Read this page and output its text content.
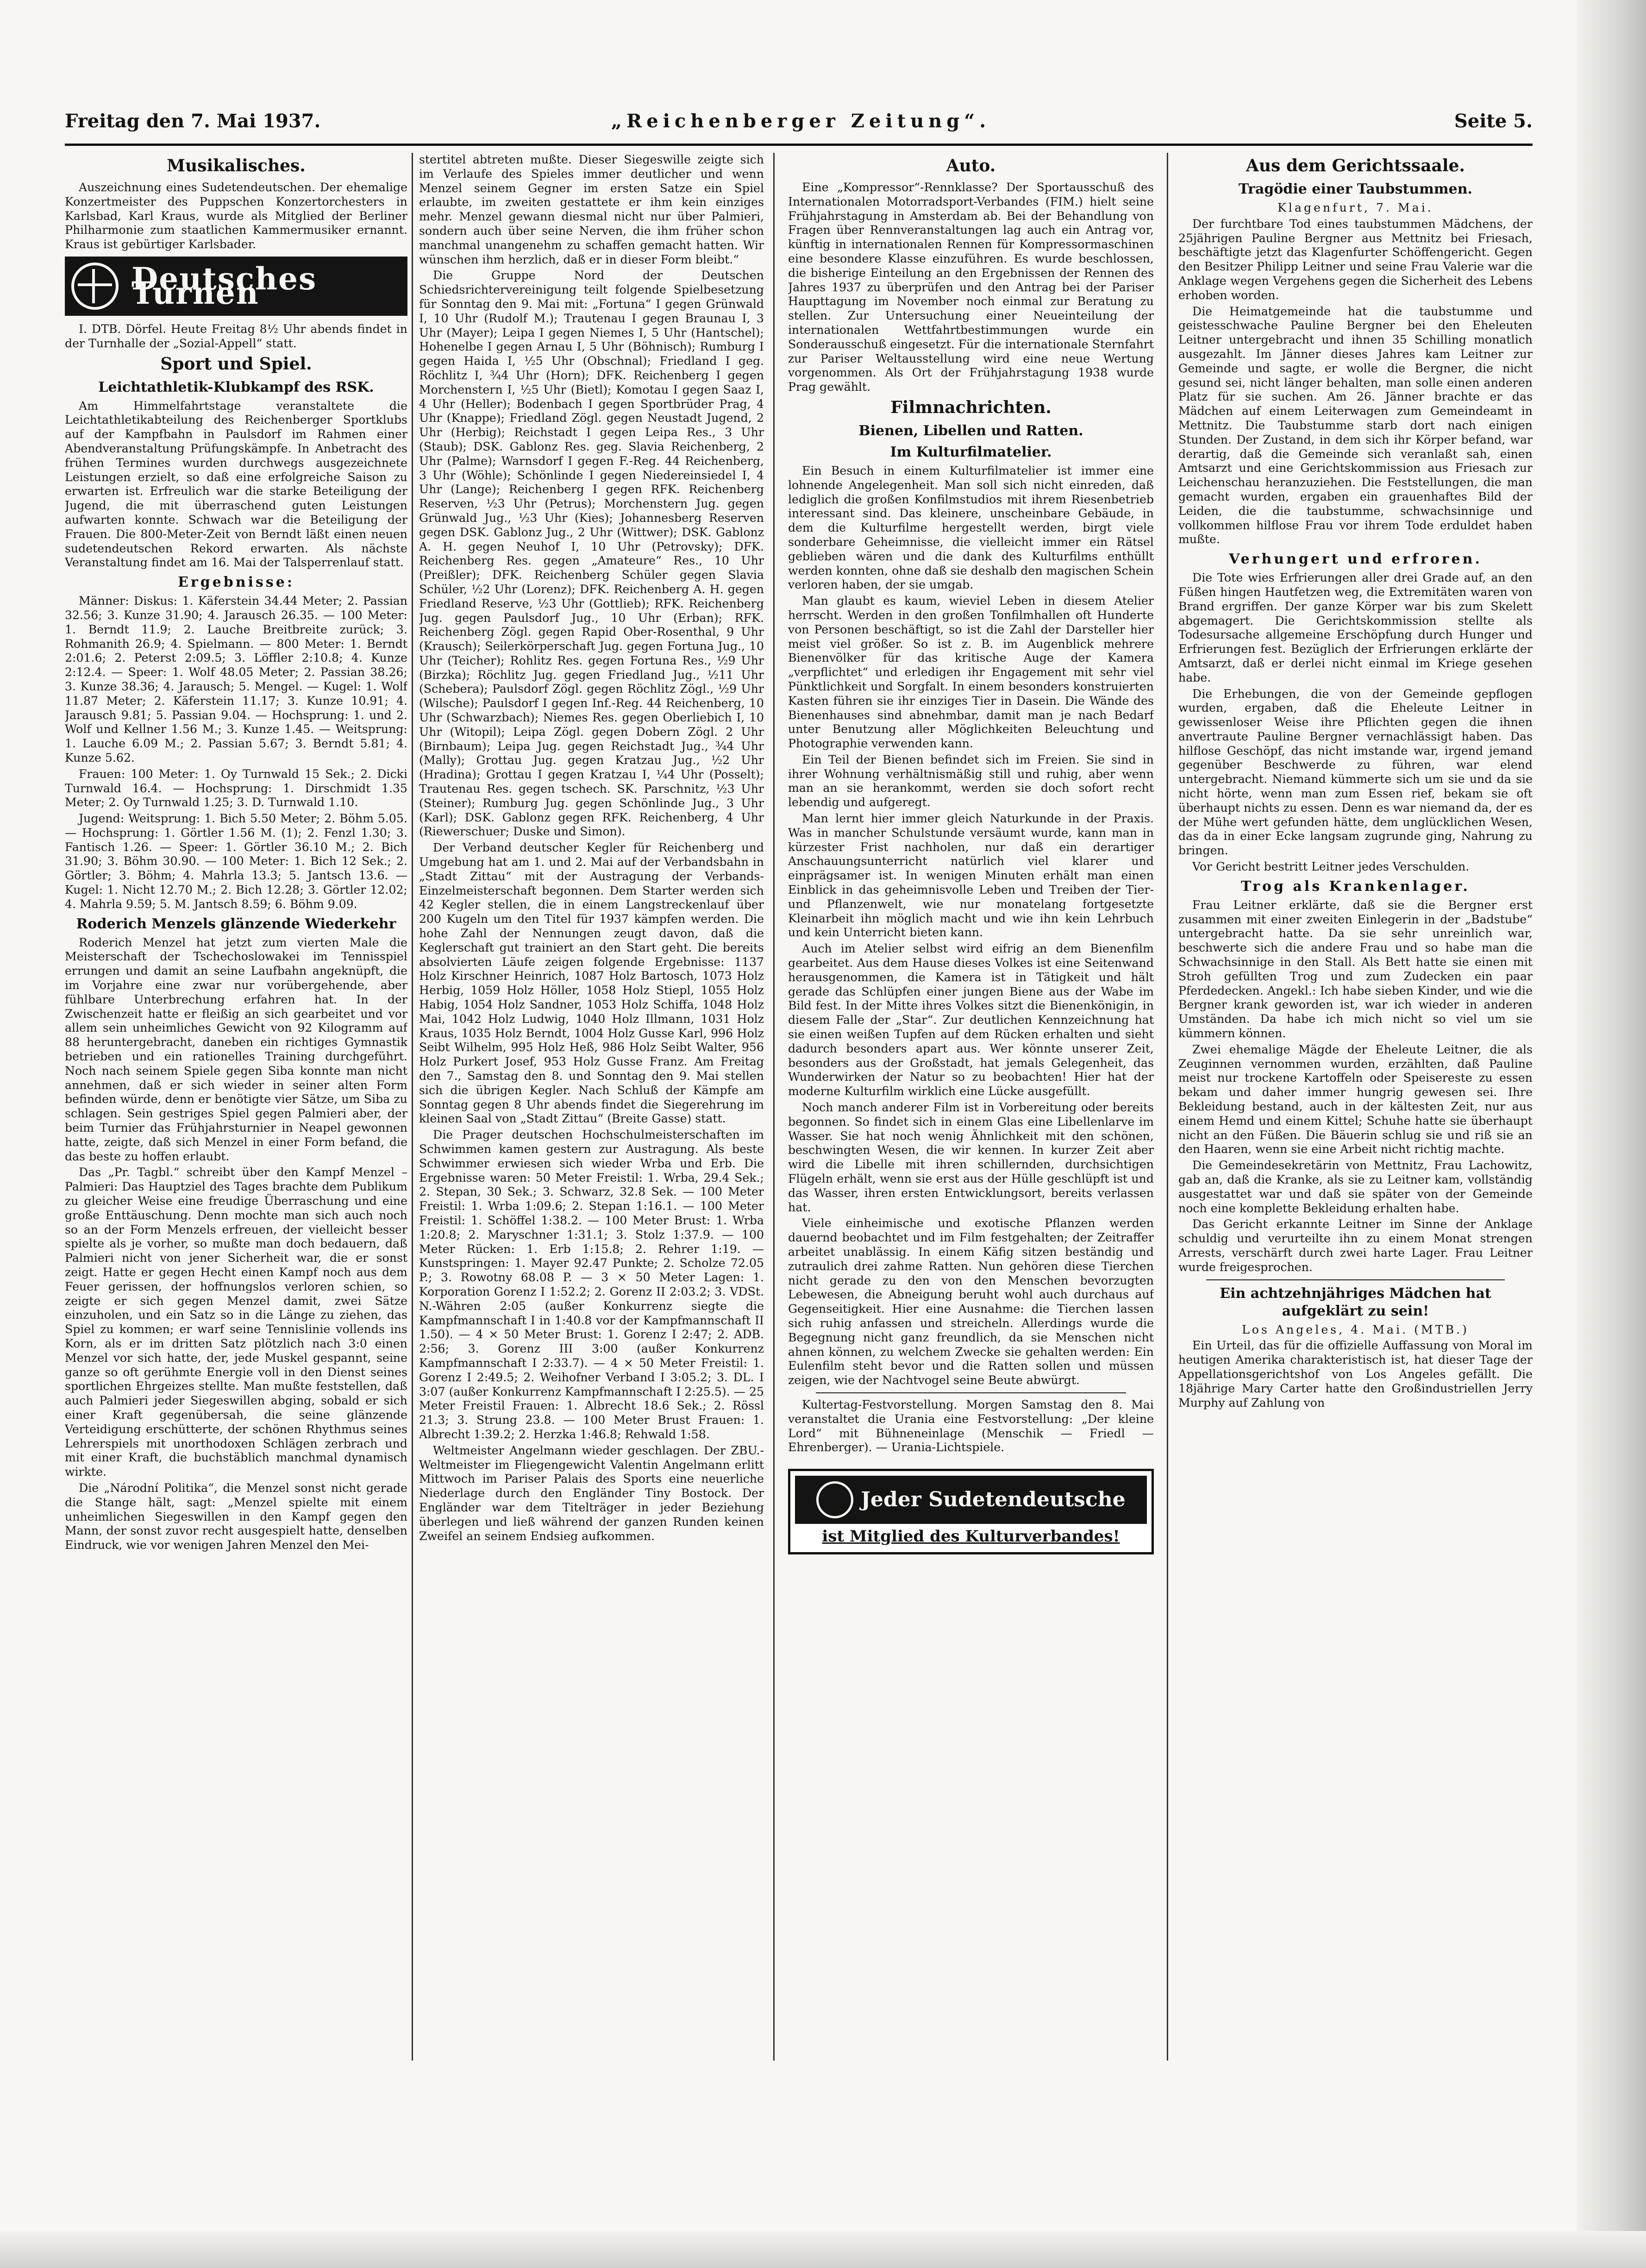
Freitag den 7. Mai 1937.	„Reichenberger Zeitung“.	Seite 5.
Musikalisches.

Auszeichnung eines Sudetendeutschen. Der ehemalige Konzertmeister des Puppschen Konzertorchesters in Karlsbad, Karl Kraus, wurde als Mitglied der Berliner Philharmonie zum staatlichen Kammermusiker ernannt. Kraus ist gebürtiger Karlsbader.

Deutsches Turnen

I. DTB. Dörfel. Heute Freitag 8½ Uhr abends findet in der Turnhalle der „Sozial-Appell“ statt.

Sport und Spiel.
Leichtathletik-Klubkampf des RSK.

Am Himmelfahrtstage veranstaltete die Leichtathletikabteilung des Reichenberger Sportklubs auf der Kampfbahn in Paulsdorf im Rahmen einer Abendveranstaltung Prüfungskämpfe. In Anbetracht des frühen Termines wurden durchwegs ausgezeichnete Leistungen erzielt, so daß eine erfolgreiche Saison zu erwarten ist. Erfreulich war die starke Beteiligung der Jugend, die mit überraschend guten Leistungen aufwarten konnte. Schwach war die Beteiligung der Frauen. Die 800-Meter-Zeit von Berndt läßt einen neuen sudetendeutschen Rekord erwarten. Als nächste Veranstaltung findet am 16. Mai der Talsperrenlauf statt.

Ergebnisse:

Männer: Diskus: 1. Käferstein 34.44 Meter; 2. Passian 32.56; 3. Kunze 31.90; 4. Jarausch 26.35. — 100 Meter: 1. Berndt 11.9; 2. Lauche Breitbreite zurück; 3. Rohmanith 26.9; 4. Spielmann. — 800 Meter: 1. Berndt 2:01.6; 2. Peterst 2:09.5; 3. Löffler 2:10.8; 4. Kunze 2:12.4. — Speer: 1. Wolf 48.05 Meter; 2. Passian 38.26; 3. Kunze 38.36; 4. Jarausch; 5. Mengel. — Kugel: 1. Wolf 11.87 Meter; 2. Käferstein 11.17; 3. Kunze 10.91; 4. Jarausch 9.81; 5. Passian 9.04. — Hochsprung: 1. und 2. Wolf und Kellner 1.56 M.; 3. Kunze 1.45. — Weitsprung: 1. Lauche 6.09 M.; 2. Passian 5.67; 3. Berndt 5.81; 4. Kunze 5.62.

Frauen: 100 Meter: 1. Oy Turnwald 15 Sek.; 2. Dicki Turnwald 16.4. — Hochsprung: 1. Dirschmidt 1.35 Meter; 2. Oy Turnwald 1.25; 3. D. Turnwald 1.10.

Jugend: Weitsprung: 1. Bich 5.50 Meter; 2. Böhm 5.05. — Hochsprung: 1. Görtler 1.56 M. (1); 2. Fenzl 1.30; 3. Fantisch 1.26. — Speer: 1. Görtler 36.10 M.; 2. Bich 31.90; 3. Böhm 30.90. — 100 Meter: 1. Bich 12 Sek.; 2. Görtler; 3. Böhm; 4. Mahrla 13.3; 5. Jantsch 13.6. — Kugel: 1. Nicht 12.70 M.; 2. Bich 12.28; 3. Görtler 12.02; 4. Mahrla 9.59; 5. M. Jantsch 8.59; 6. Böhm 9.09.

Roderich Menzels glänzende Wiederkehr

Roderich Menzel hat jetzt zum vierten Male die Meisterschaft der Tschechoslowakei im Tennisspiel errungen und damit an seine Laufbahn angeknüpft, die im Vorjahre eine zwar nur vorübergehende, aber fühlbare Unterbrechung erfahren hat. In der Zwischenzeit hatte er fleißig an sich gearbeitet und vor allem sein unheimliches Gewicht von 92 Kilogramm auf 88 heruntergebracht, daneben ein richtiges Gymnastik betrieben und ein rationelles Training durchgeführt. Noch nach seinem Spiele gegen Siba konnte man nicht annehmen, daß er sich wieder in seiner alten Form befinden würde, denn er benötigte vier Sätze, um Siba zu schlagen. Sein gestriges Spiel gegen Palmieri aber, der beim Turnier das Frühjahrsturnier in Neapel gewonnen hatte, zeigte, daß sich Menzel in einer Form befand, die das beste zu hoffen erlaubt.

Das „Pr. Tagbl.“ schreibt über den Kampf Menzel – Palmieri: Das Hauptziel des Tages brachte dem Publikum zu gleicher Weise eine freudige Überraschung und eine große Enttäuschung. Denn mochte man sich auch noch so an der Form Menzels erfreuen, der vielleicht besser spielte als je vorher, so mußte man doch bedauern, daß Palmieri nicht von jener Sicherheit war, die er sonst zeigt. Hatte er gegen Hecht einen Kampf noch aus dem Feuer gerissen, der hoffnungslos verloren schien, so zeigte er sich gegen Menzel damit, zwei Sätze einzuholen, und ein Satz so in die Länge zu ziehen, das Spiel zu kommen; er warf seine Tennislinie vollends ins Korn, als er im dritten Satz plötzlich nach 3:0 einen Menzel vor sich hatte, der, jede Muskel gespannt, seine ganze so oft gerühmte Energie voll in den Dienst seines sportlichen Ehrgeizes stellte. Man mußte feststellen, daß auch Palmieri jeder Siegeswillen abging, sobald er sich einer Kraft gegenübersah, die seine glänzende Verteidigung erschütterte, der schönen Rhythmus seines Lehrerspiels mit unorthodoxen Schlägen zerbrach und mit einer Kraft, die buchstäblich manchmal dynamisch wirkte.

Die „Národní Politika“, die Menzel sonst nicht gerade die Stange hält, sagt: „Menzel spielte mit einem unheimlichen Siegeswillen in den Kampf gegen den Mann, der sonst zuvor recht ausgespielt hatte, denselben Eindruck, wie vor wenigen Jahren Menzel den Mei-

stertitel abtreten mußte. Dieser Siegeswille zeigte sich im Verlaufe des Spieles immer deutlicher und wenn Menzel seinem Gegner im ersten Satze ein Spiel erlaubte, im zweiten gestattete er ihm kein einziges mehr. Menzel gewann diesmal nicht nur über Palmieri, sondern auch über seine Nerven, die ihm früher schon manchmal unangenehm zu schaffen gemacht hatten. Wir wünschen ihm herzlich, daß er in dieser Form bleibt.“

Die Gruppe Nord der Deutschen Schiedsrichtervereinigung teilt folgende Spielbesetzung für Sonntag den 9. Mai mit: „Fortuna“ I gegen Grünwald I, 10 Uhr (Rudolf M.); Trautenau I gegen Braunau I, 3 Uhr (Mayer); Leipa I gegen Niemes I, 5 Uhr (Hantschel); Hohenelbe I gegen Arnau I, 5 Uhr (Böhnisch); Rumburg I gegen Haida I, ½5 Uhr (Obschnal); Friedland I geg. Röchlitz I, ¾4 Uhr (Horn); DFK. Reichenberg I gegen Morchenstern I, ½5 Uhr (Bietl); Komotau I gegen Saaz I, 4 Uhr (Heller); Bodenbach I gegen Sportbrüder Prag, 4 Uhr (Knappe); Friedland Zögl. gegen Neustadt Jugend, 2 Uhr (Herbig); Reichstadt I gegen Leipa Res., 3 Uhr (Staub); DSK. Gablonz Res. geg. Slavia Reichenberg, 2 Uhr (Palme); Warnsdorf I gegen F.-Reg. 44 Reichenberg, 3 Uhr (Wöhle); Schönlinde I gegen Niedereinsiedel I, 4 Uhr (Lange); Reichenberg I gegen RFK. Reichenberg Reserven, ½3 Uhr (Petrus); Morchenstern Jug. gegen Grünwald Jug., ½3 Uhr (Kies); Johannesberg Reserven gegen DSK. Gablonz Jug., 2 Uhr (Wittwer); DSK. Gablonz A. H. gegen Neuhof I, 10 Uhr (Petrovsky); DFK. Reichenberg Res. gegen „Amateure“ Res., 10 Uhr (Preißler); DFK. Reichenberg Schüler gegen Slavia Schüler, ½2 Uhr (Lorenz); DFK. Reichenberg A. H. gegen Friedland Reserve, ½3 Uhr (Gottlieb); RFK. Reichenberg Jug. gegen Paulsdorf Jug., 10 Uhr (Erban); RFK. Reichenberg Zögl. gegen Rapid Ober-Rosenthal, 9 Uhr (Krausch); Seilerkörperschaft Jug. gegen Fortuna Jug., 10 Uhr (Teicher); Rohlitz Res. gegen Fortuna Res., ½9 Uhr (Birzka); Röchlitz Jug. gegen Friedland Jug., ½11 Uhr (Schebera); Paulsdorf Zögl. gegen Röchlitz Zögl., ½9 Uhr (Wilsche); Paulsdorf I gegen Inf.-Reg. 44 Reichenberg, 10 Uhr (Schwarzbach); Niemes Res. gegen Oberliebich I, 10 Uhr (Witopil); Leipa Zögl. gegen Dobern Zögl. 2 Uhr (Birnbaum); Leipa Jug. gegen Reichstadt Jug., ¾4 Uhr (Mally); Grottau Jug. gegen Kratzau Jug., ½2 Uhr (Hradina); Grottau I gegen Kratzau I, ¼4 Uhr (Posselt); Trautenau Res. gegen tschech. SK. Parschnitz, ½3 Uhr (Steiner); Rumburg Jug. gegen Schönlinde Jug., 3 Uhr (Karl); DSK. Gablonz gegen RFK. Reichenberg, 4 Uhr (Riewerschuer; Duske und Simon).

Der Verband deutscher Kegler für Reichenberg und Umgebung hat am 1. und 2. Mai auf der Verbandsbahn in „Stadt Zittau“ mit der Austragung der Verbands-Einzelmeisterschaft begonnen. Dem Starter werden sich 42 Kegler stellen, die in einem Langstreckenlauf über 200 Kugeln um den Titel für 1937 kämpfen werden. Die hohe Zahl der Nennungen zeugt davon, daß die Keglerschaft gut trainiert an den Start geht. Die bereits absolvierten Läufe zeigen folgende Ergebnisse: 1137 Holz Kirschner Heinrich, 1087 Holz Bartosch, 1073 Holz Herbig, 1059 Holz Höller, 1058 Holz Stiepl, 1055 Holz Habig, 1054 Holz Sandner, 1053 Holz Schiffa, 1048 Holz Mai, 1042 Holz Ludwig, 1040 Holz Illmann, 1031 Holz Kraus, 1035 Holz Berndt, 1004 Holz Gusse Karl, 996 Holz Seibt Wilhelm, 995 Holz Heß, 986 Holz Seibt Walter, 956 Holz Purkert Josef, 953 Holz Gusse Franz. Am Freitag den 7., Samstag den 8. und Sonntag den 9. Mai stellen sich die übrigen Kegler. Nach Schluß der Kämpfe am Sonntag gegen 8 Uhr abends findet die Siegerehrung im kleinen Saal von „Stadt Zittau“ (Breite Gasse) statt.

Die Prager deutschen Hochschulmeisterschaften im Schwimmen kamen gestern zur Austragung. Als beste Schwimmer erwiesen sich wieder Wrba und Erb. Die Ergebnisse waren: 50 Meter Freistil: 1. Wrba, 29.4 Sek.; 2. Stepan, 30 Sek.; 3. Schwarz, 32.8 Sek. — 100 Meter Freistil: 1. Wrba 1:09.6; 2. Stepan 1:16.1. — 100 Meter Freistil: 1. Schöffel 1:38.2. — 100 Meter Brust: 1. Wrba 1:20.8; 2. Maryschner 1:31.1; 3. Stolz 1:37.9. — 100 Meter Rücken: 1. Erb 1:15.8; 2. Rehrer 1:19. — Kunstspringen: 1. Mayer 92.47 Punkte; 2. Scholze 72.05 P.; 3. Rowotny 68.08 P. — 3 × 50 Meter Lagen: 1. Korporation Gorenz I 1:52.2; 2. Gorenz II 2:03.2; 3. VDSt. N.-Währen 2:05 (außer Konkurrenz siegte die Kampfmannschaft I in 1:40.8 vor der Kampfmannschaft II 1.50). — 4 × 50 Meter Brust: 1. Gorenz I 2:47; 2. ADB. 2:56; 3. Gorenz III 3:00 (außer Konkurrenz Kampfmannschaft I 2:33.7). — 4 × 50 Meter Freistil: 1. Gorenz I 2:49.5; 2. Weihofner Verband I 3:05.2; 3. DL. I 3:07 (außer Konkurrenz Kampfmannschaft I 2:25.5). — 25 Meter Freistil Frauen: 1. Albrecht 18.6 Sek.; 2. Rössl 21.3; 3. Strung 23.8. — 100 Meter Brust Frauen: 1. Albrecht 1:39.2; 2. Herzka 1:46.8; Rehwald 1:58.

Weltmeister Angelmann wieder geschlagen. Der ZBU.-Weltmeister im Fliegengewicht Valentin Angelmann erlitt Mittwoch im Pariser Palais des Sports eine neuerliche Niederlage durch den Engländer Tiny Bostock. Der Engländer war dem Titelträger in jeder Beziehung überlegen und ließ während der ganzen Runden keinen Zweifel an seinem Endsieg aufkommen.

Auto.

Eine „Kompressor“-Rennklasse? Der Sportausschuß des Internationalen Motorradsport-Verbandes (FIM.) hielt seine Frühjahrstagung in Amsterdam ab. Bei der Behandlung von Fragen über Rennveranstaltungen lag auch ein Antrag vor, künftig in internationalen Rennen für Kompressormaschinen eine besondere Klasse einzuführen. Es wurde beschlossen, die bisherige Einteilung an den Ergebnissen der Rennen des Jahres 1937 zu überprüfen und den Antrag bei der Pariser Haupttagung im November noch einmal zur Beratung zu stellen. Zur Untersuchung einer Neueinteilung der internationalen Wettfahrtbestimmungen wurde ein Sonderausschuß eingesetzt. Für die internationale Sternfahrt zur Pariser Weltausstellung wird eine neue Wertung vorgenommen. Als Ort der Frühjahrstagung 1938 wurde Prag gewählt.

Filmnachrichten.
Bienen, Libellen und Ratten.
Im Kulturfilmatelier.

Ein Besuch in einem Kulturfilmatelier ist immer eine lohnende Angelegenheit. Man soll sich nicht einreden, daß lediglich die großen Konfilmstudios mit ihrem Riesenbetrieb interessant sind. Das kleinere, unscheinbare Gebäude, in dem die Kulturfilme hergestellt werden, birgt viele sonderbare Geheimnisse, die vielleicht immer ein Rätsel geblieben wären und die dank des Kulturfilms enthüllt werden konnten, ohne daß sie deshalb den magischen Schein verloren haben, der sie umgab.

Man glaubt es kaum, wieviel Leben in diesem Atelier herrscht. Werden in den großen Tonfilmhallen oft Hunderte von Personen beschäftigt, so ist die Zahl der Darsteller hier meist viel größer. So ist z. B. im Augenblick mehrere Bienenvölker für das kritische Auge der Kamera „verpflichtet“ und erledigen ihr Engagement mit sehr viel Pünktlichkeit und Sorgfalt. In einem besonders konstruierten Kasten führen sie ihr einziges Tier in Dasein. Die Wände des Bienenhauses sind abnehmbar, damit man je nach Bedarf unter Benutzung aller Möglichkeiten Beleuchtung und Photographie verwenden kann.

Ein Teil der Bienen befindet sich im Freien. Sie sind in ihrer Wohnung verhältnismäßig still und ruhig, aber wenn man an sie herankommt, werden sie doch sofort recht lebendig und aufgeregt.

Man lernt hier immer gleich Naturkunde in der Praxis. Was in mancher Schulstunde versäumt wurde, kann man in kürzester Frist nachholen, nur daß ein derartiger Anschauungsunterricht natürlich viel klarer und einprägsamer ist. In wenigen Minuten erhält man einen Einblick in das geheimnisvolle Leben und Treiben der Tier- und Pflanzenwelt, wie nur monatelang fortgesetzte Kleinarbeit ihn möglich macht und wie ihn kein Lehrbuch und kein Unterricht bieten kann.

Auch im Atelier selbst wird eifrig an dem Bienenfilm gearbeitet. Aus dem Hause dieses Volkes ist eine Seitenwand herausgenommen, die Kamera ist in Tätigkeit und hält gerade das Schlüpfen einer jungen Biene aus der Wabe im Bild fest. In der Mitte ihres Volkes sitzt die Bienenkönigin, in diesem Falle der „Star“. Zur deutlichen Kennzeichnung hat sie einen weißen Tupfen auf dem Rücken erhalten und sieht dadurch besonders apart aus. Wer könnte unserer Zeit, besonders aus der Großstadt, hat jemals Gelegenheit, das Wunderwirken der Natur so zu beobachten! Hier hat der moderne Kulturfilm wirklich eine Lücke ausgefüllt.

Noch manch anderer Film ist in Vorbereitung oder bereits begonnen. So findet sich in einem Glas eine Libellenlarve im Wasser. Sie hat noch wenig Ähnlichkeit mit den schönen, beschwingten Wesen, die wir kennen. In kurzer Zeit aber wird die Libelle mit ihren schillernden, durchsichtigen Flügeln erhält, wenn sie erst aus der Hülle geschlüpft ist und das Wasser, ihren ersten Entwicklungsort, bereits verlassen hat.

Viele einheimische und exotische Pflanzen werden dauernd beobachtet und im Film festgehalten; der Zeitraffer arbeitet unablässig. In einem Käfig sitzen beständig und zutraulich drei zahme Ratten. Nun gehören diese Tierchen nicht gerade zu den von den Menschen bevorzugten Lebewesen, die Abneigung beruht wohl auch durchaus auf Gegenseitigkeit. Hier eine Ausnahme: die Tierchen lassen sich ruhig anfassen und streicheln. Allerdings wurde die Begegnung nicht ganz freundlich, da sie Menschen nicht ahnen können, zu welchem Zwecke sie gehalten werden: Ein Eulenfilm steht bevor und die Ratten sollen und müssen zeigen, wie der Nachtvogel seine Beute abwürgt.

Kultertag-Festvorstellung. Morgen Samstag den 8. Mai veranstaltet die Urania eine Festvorstellung: „Der kleine Lord“ mit Bühneneinlage (Menschik — Friedl — Ehrenberger). — Urania-Lichtspiele.

Jeder Sudetendeutsche
ist Mitglied des Kulturverbandes!
Aus dem Gerichtssaale.
Tragödie einer Taubstummen.

Klagenfurt, 7. Mai.

Der furchtbare Tod eines taubstummen Mädchens, der 25jährigen Pauline Bergner aus Mettnitz bei Friesach, beschäftigte jetzt das Klagenfurter Schöffengericht. Gegen den Besitzer Philipp Leitner und seine Frau Valerie war die Anklage wegen Vergehens gegen die Sicherheit des Lebens erhoben worden.

Die Heimatgemeinde hat die taubstumme und geistesschwache Pauline Bergner bei den Eheleuten Leitner untergebracht und ihnen 35 Schilling monatlich ausgezahlt. Im Jänner dieses Jahres kam Leitner zur Gemeinde und sagte, er wolle die Bergner, die nicht gesund sei, nicht länger behalten, man solle einen anderen Platz für sie suchen. Am 26. Jänner brachte er das Mädchen auf einem Leiterwagen zum Gemeindeamt in Mettnitz. Die Taubstumme starb dort nach einigen Stunden. Der Zustand, in dem sich ihr Körper befand, war derartig, daß die Gemeinde sich veranlaßt sah, einen Amtsarzt und eine Gerichtskommission aus Friesach zur Leichenschau heranzuziehen. Die Feststellungen, die man gemacht wurden, ergaben ein grauenhaftes Bild der Leiden, die die taubstumme, schwachsinnige und vollkommen hilflose Frau vor ihrem Tode erduldet haben mußte.

Verhungert und erfroren.

Die Tote wies Erfrierungen aller drei Grade auf, an den Füßen hingen Hautfetzen weg, die Extremitäten waren von Brand ergriffen. Der ganze Körper war bis zum Skelett abgemagert. Die Gerichtskommission stellte als Todesursache allgemeine Erschöpfung durch Hunger und Erfrierungen fest. Bezüglich der Erfrierungen erklärte der Amtsarzt, daß er derlei nicht einmal im Kriege gesehen habe.

Die Erhebungen, die von der Gemeinde gepflogen wurden, ergaben, daß die Eheleute Leitner in gewissenloser Weise ihre Pflichten gegen die ihnen anvertraute Pauline Bergner vernachlässigt haben. Das hilflose Geschöpf, das nicht imstande war, irgend jemand gegenüber Beschwerde zu führen, war elend untergebracht. Niemand kümmerte sich um sie und da sie nicht hörte, wenn man zum Essen rief, bekam sie oft überhaupt nichts zu essen. Denn es war niemand da, der es der Mühe wert gefunden hätte, dem unglücklichen Wesen, das da in einer Ecke langsam zugrunde ging, Nahrung zu bringen.

Vor Gericht bestritt Leitner jedes Verschulden.

Trog als Krankenlager.

Frau Leitner erklärte, daß sie die Bergner erst zusammen mit einer zweiten Einlegerin in der „Badstube“ untergebracht hatte. Da sie sehr unreinlich war, beschwerte sich die andere Frau und so habe man die Schwachsinnige in den Stall. Als Bett hatte sie einen mit Stroh gefüllten Trog und zum Zudecken ein paar Pferdedecken. Angekl.: Ich habe sieben Kinder, und wie die Bergner krank geworden ist, war ich wieder in anderen Umständen. Da habe ich mich nicht so viel um sie kümmern können.

Zwei ehemalige Mägde der Eheleute Leitner, die als Zeuginnen vernommen wurden, erzählten, daß Pauline meist nur trockene Kartoffeln oder Speisereste zu essen bekam und daher immer hungrig gewesen sei. Ihre Bekleidung bestand, auch in der kältesten Zeit, nur aus einem Hemd und einem Kittel; Schuhe hatte sie überhaupt nicht an den Füßen. Die Bäuerin schlug sie und riß sie an den Haaren, wenn sie eine Arbeit nicht richtig machte.

Die Gemeindesekretärin von Mettnitz, Frau Lachowitz, gab an, daß die Kranke, als sie zu Leitner kam, vollständig ausgestattet war und daß sie später von der Gemeinde noch eine komplette Bekleidung erhalten habe.

Das Gericht erkannte Leitner im Sinne der Anklage schuldig und verurteilte ihn zu einem Monat strengen Arrests, verschärft durch zwei harte Lager. Frau Leitner wurde freigesprochen.

Ein achtzehnjähriges Mädchen hat aufgeklärt zu sein!

Los Angeles, 4. Mai. (MTB.)

Ein Urteil, das für die offizielle Auffassung von Moral im heutigen Amerika charakteristisch ist, hat dieser Tage der Appellationsgerichtshof von Los Angeles gefällt. Die 18jährige Mary Carter hatte den Großindustriellen Jerry Murphy auf Zahlung von
